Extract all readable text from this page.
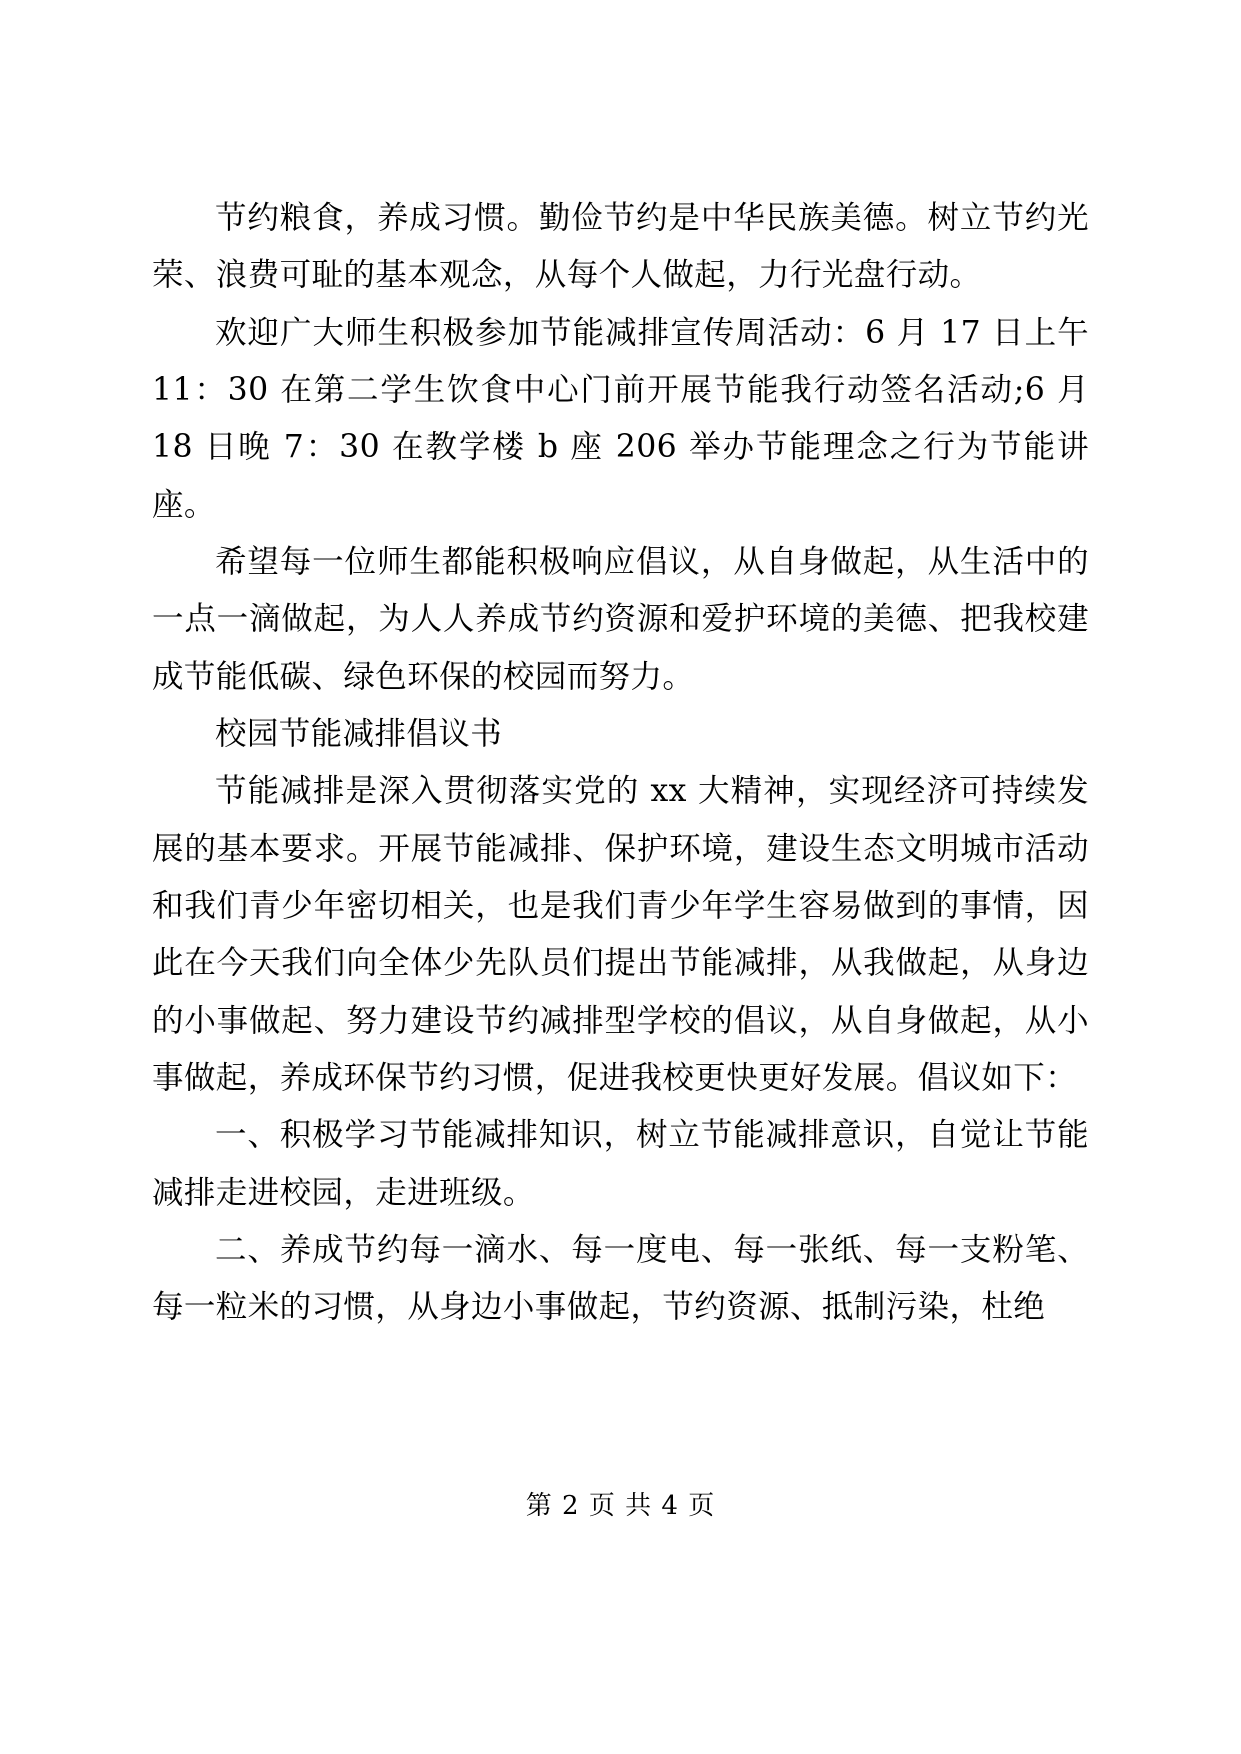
节约粮食，养成习惯。勤俭节约是中华民族美德。树立节约光荣、浪费可耻的基本观念，从每个人做起，力行光盘行动。

欢迎广大师生积极参加节能减排宣传周活动：6 月 17 日上午 11：30 在第二学生饮食中心门前开展节能我行动签名活动;6 月 18 日晚 7：30 在教学楼 b 座 206 举办节能理念之行为节能讲座。

希望每一位师生都能积极响应倡议，从自身做起，从生活中的一点一滴做起，为人人养成节约资源和爱护环境的美德、把我校建成节能低碳、绿色环保的校园而努力。

校园节能减排倡议书

节能减排是深入贯彻落实党的 xx 大精神，实现经济可持续发展的基本要求。开展节能减排、保护环境，建设生态文明城市活动和我们青少年密切相关，也是我们青少年学生容易做到的事情，因此在今天我们向全体少先队员们提出节能减排，从我做起，从身边的小事做起、努力建设节约减排型学校的倡议，从自身做起，从小事做起，养成环保节约习惯，促进我校更快更好发展。倡议如下：

一、积极学习节能减排知识，树立节能减排意识，自觉让节能减排走进校园，走进班级。

二、养成节约每一滴水、每一度电、每一张纸、每一支粉笔、每一粒米的习惯，从身边小事做起，节约资源、抵制污染，杜绝

第 2 页 共 4 页
